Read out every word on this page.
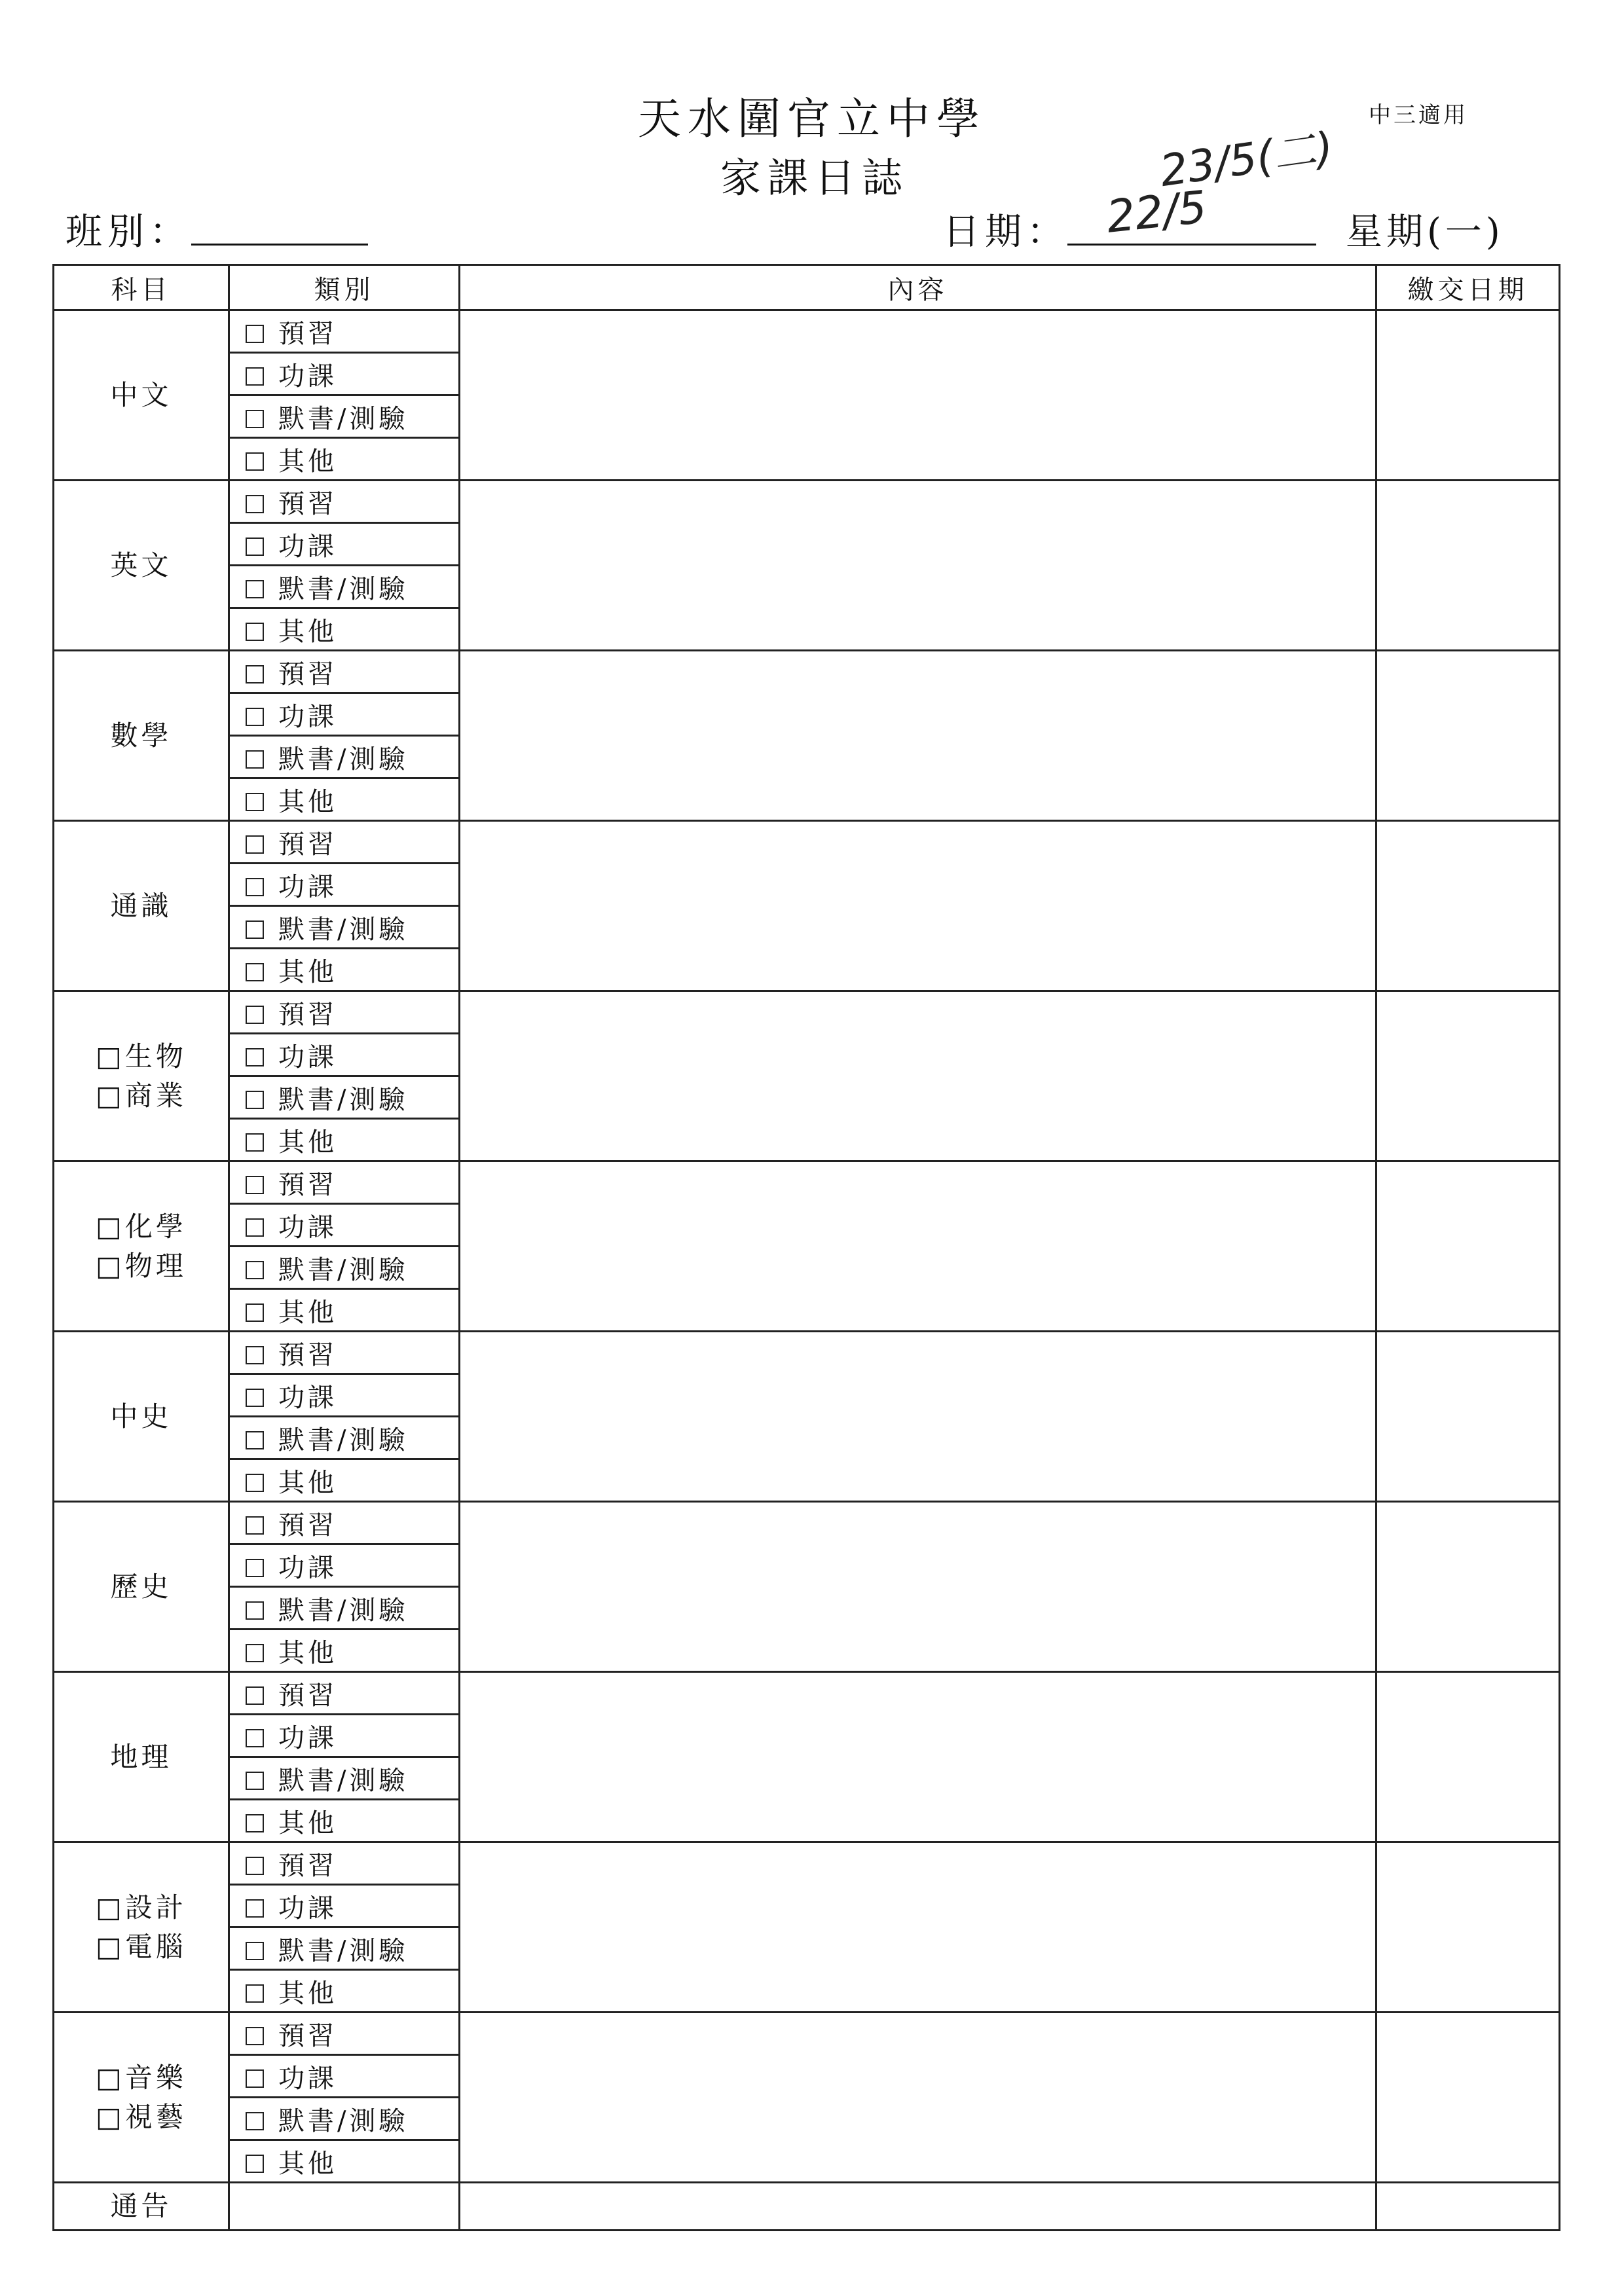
天水圍官立中學
家課日誌
中三適用
班別：	日期：	星期(一)
23/5(二)
22/5
科目	類別	內容	繳交日期

中文	預習		
	功課		
	默書/測驗		
	其他		

英文	預習		
	功課		
	默書/測驗		
	其他		

數學	預習		
	功課		
	默書/測驗		
	其他		

通識	預習		
	功課		
	默書/測驗		
	其他		

□生物
□商業	預習		
	功課		
	默書/測驗		
	其他		

□化學
□物理	預習		
	功課		
	默書/測驗		
	其他		

中史	預習		
	功課		
	默書/測驗		
	其他		

歷史	預習		
	功課		
	默書/測驗		
	其他		

地理	預習		
	功課		
	默書/測驗		
	其他		

□設計
□電腦	預習		
	功課		
	默書/測驗		
	其他		

□音樂
□視藝	預習		
	功課		
	默書/測驗		
	其他		
通告			
